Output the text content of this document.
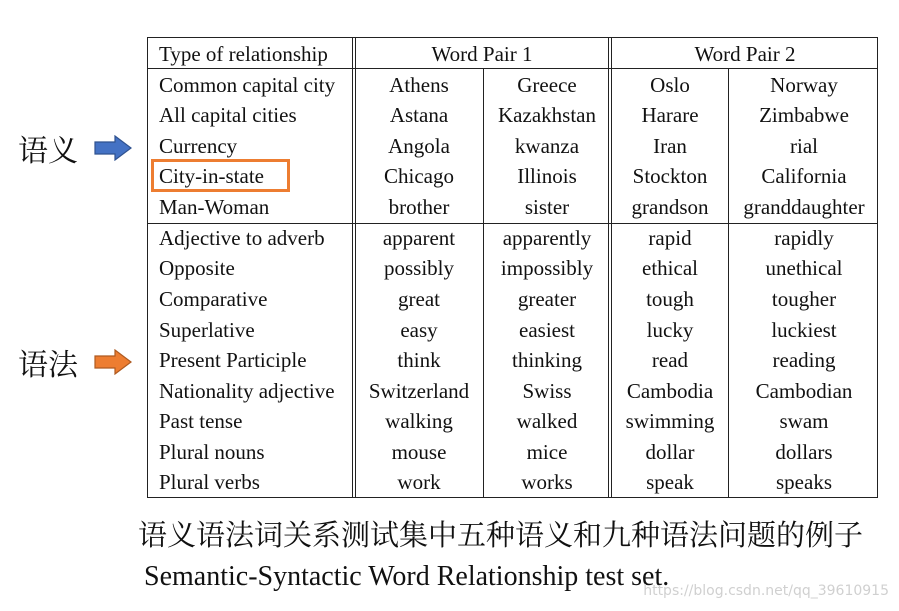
语义
语法
Type of relationship	Word Pair 1	Word Pair 2
Common capital city	Athens	Greece	Oslo	Norway
All capital cities	Astana	Kazakhstan	Harare	Zimbabwe
Currency	Angola	kwanza	Iran	rial
City-in-state	Chicago	Illinois	Stockton	California
Man-Woman	brother	sister	grandson	granddaughter
Adjective to adverb	apparent	apparently	rapid	rapidly
Opposite	possibly	impossibly	ethical	unethical
Comparative	great	greater	tough	tougher
Superlative	easy	easiest	lucky	luckiest
Present Participle	think	thinking	read	reading
Nationality adjective	Switzerland	Swiss	Cambodia	Cambodian
Past tense	walking	walked	swimming	swam
Plural nouns	mouse	mice	dollar	dollars
Plural verbs	work	works	speak	speaks
语义语法词关系测试集中五种语义和九种语法问题的例子
Semantic-Syntactic Word Relationship test set.
https://blog.csdn.net/qq_39610915
